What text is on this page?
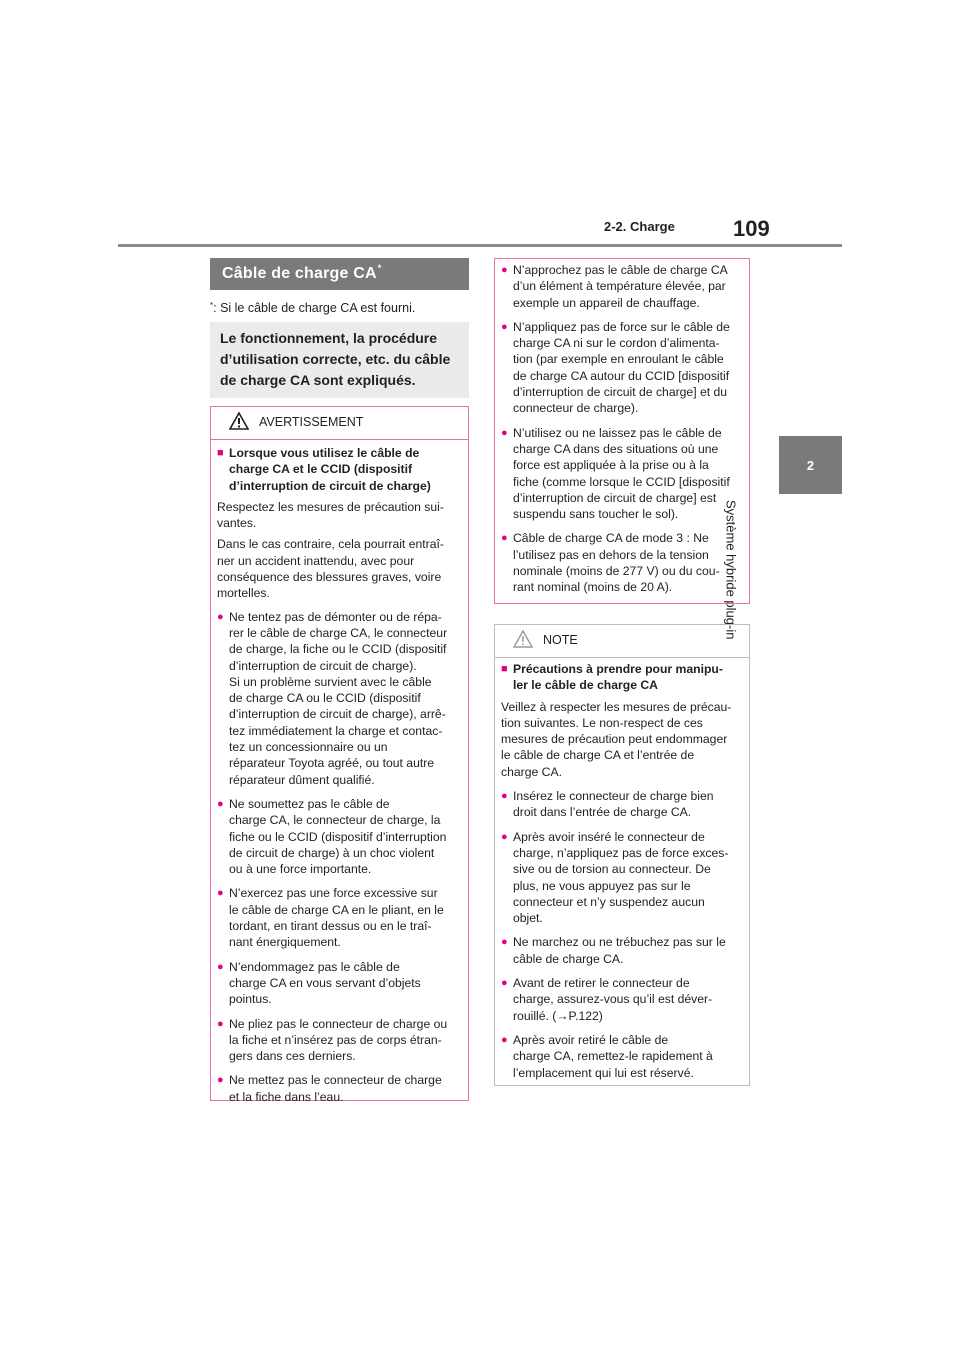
2-2. Charge	109
2
Système hybride plug-in
Câble de charge CA*
*: Si le câble de charge CA est fourni.
Le fonctionnement, la procédure
d’utilisation correcte, etc. du câble
de charge CA sont expliqués.
AVERTISSEMENT
■ Lorsque vous utilisez le câble de
charge CA et le CCID (dispositif
d’interruption de circuit de charge)
Respectez les mesures de précaution sui-
vantes.
Dans le cas contraire, cela pourrait entraî-
ner un accident inattendu, avec pour
conséquence des blessures graves, voire
mortelles.
● Ne tentez pas de démonter ou de répa-
rer le câble de charge CA, le connecteur
de charge, la fiche ou le CCID (dispositif
d’interruption de circuit de charge).
Si un problème survient avec le câble
de charge CA ou le CCID (dispositif
d’interruption de circuit de charge), arrê-
tez immédiatement la charge et contac-
tez un concessionnaire ou un
réparateur Toyota agréé, ou tout autre
réparateur dûment qualifié.
● Ne soumettez pas le câble de
charge CA, le connecteur de charge, la
fiche ou le CCID (dispositif d’interruption
de circuit de charge) à un choc violent
ou à une force importante.
● N’exercez pas une force excessive sur
le câble de charge CA en le pliant, en le
tordant, en tirant dessus ou en le traî-
nant énergiquement.
● N’endommagez pas le câble de
charge CA en vous servant d’objets
pointus.
● Ne pliez pas le connecteur de charge ou
la fiche et n’insérez pas de corps étran-
gers dans ces derniers.
● Ne mettez pas le connecteur de charge
et la fiche dans l’eau.
● N’approchez pas le câble de charge CA
d’un élément à température élevée, par
exemple un appareil de chauffage.
● N’appliquez pas de force sur le câble de
charge CA ni sur le cordon d’alimenta-
tion (par exemple en enroulant le câble
de charge CA autour du CCID [dispositif
d’interruption de circuit de charge] et du
connecteur de charge).
● N’utilisez ou ne laissez pas le câble de
charge CA dans des situations où une
force est appliquée à la prise ou à la
fiche (comme lorsque le CCID [dispositif
d’interruption de circuit de charge] est
suspendu sans toucher le sol).
● Câble de charge CA de mode 3 : Ne
l’utilisez pas en dehors de la tension
nominale (moins de 277 V) ou du cou-
rant nominal (moins de 20 A).
NOTE
■ Précautions à prendre pour manipu-
ler le câble de charge CA
Veillez à respecter les mesures de précau-
tion suivantes. Le non-respect de ces
mesures de précaution peut endommager
le câble de charge CA et l’entrée de
charge CA.
● Insérez le connecteur de charge bien
droit dans l’entrée de charge CA.
● Après avoir inséré le connecteur de
charge, n’appliquez pas de force exces-
sive ou de torsion au connecteur. De
plus, ne vous appuyez pas sur le
connecteur et n’y suspendez aucun
objet.
● Ne marchez ou ne trébuchez pas sur le
câble de charge CA.
● Avant de retirer le connecteur de
charge, assurez-vous qu’il est déver-
rouillé. (→P.122)
● Après avoir retiré le câble de
charge CA, remettez-le rapidement à
l’emplacement qui lui est réservé.
